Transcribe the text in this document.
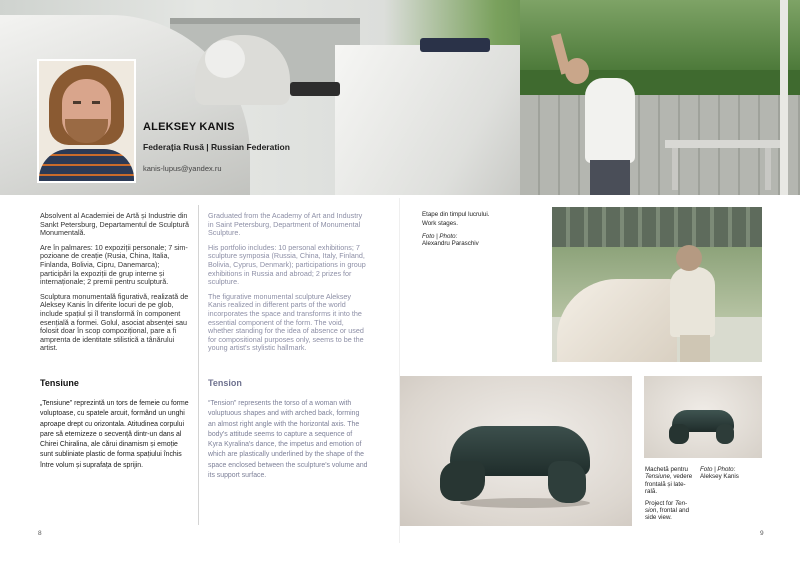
ALEKSEY KANIS
Federația Rusă | Russian Federation
kanis-lupus@yandex.ru

Absolvent al Academiei de Artă și Industrie din Sankt Petersburg, Departamentul de Sculptură Monumentală.

Are în palmares: 10 expoziții personale; 7 sim-pozioane de creație (Rusia, China, Italia, Finlanda, Bolivia, Cipru, Danemarca); participări la expoziții de grup interne și internaționale; 2 premii pentru sculptură.

Sculptura monumentală figurativă, realizată de Aleksey Kanis în diferite locuri de pe glob, include spațiul și îl transformă în component esențială a formei. Golul, asociat absenței sau folosit doar în scop compozițional, pare a fi amprenta de identitate stilistică a tânărului artist.

Graduated from the Academy of Art and Industry in Saint Petersburg, Department of Monumental Sculpture.

His portfolio includes: 10 personal exhibitions; 7 sculpture symposia (Russia, China, Italy, Finland, Bolivia, Cyprus, Denmark); participations in group exhibitions in Russia and abroad; 2 prizes for sculpture.

The figurative monumental sculpture Aleksey Kanis realized in different parts of the world incorporates the space and transforms it into the essential component of the form. The void, whether standing for the idea of absence or used for compositional purposes only, seems to be the young artist's stylistic hallmark.

Tensiune	Tension
„Tensiune” reprezintă un tors de femeie cu forme voluptoase, cu spatele arcuit, formând un unghi aproape drept cu orizontala. Atitudinea corpului pare să eternizeze o secvență dintr-un dans al Chirei Chiralina, ale cărui dinamism și emoție sunt subliniate plastic de forma spațiului închis între volum și suprafața de sprijin.
“Tension” represents the torso of a woman with voluptuous shapes and with arched back, forming an almost right angle with the horizontal axis. The body's attitude seems to capture a sequence of Kyra Kyralina's dance, the impetus and emotion of which are plastically underlined by the shape of the space enclosed between the sculpture's volume and its support surface.
Etape din timpul lucrului.
Work stages.
Foto | Photo:
Alexandru Paraschiv
Machetă pentru Tensiune, vedere frontală și late-rală.
Project for Ten-sion, frontal and side view.
Foto | Photo:
Aleksey Kanis
8	9
